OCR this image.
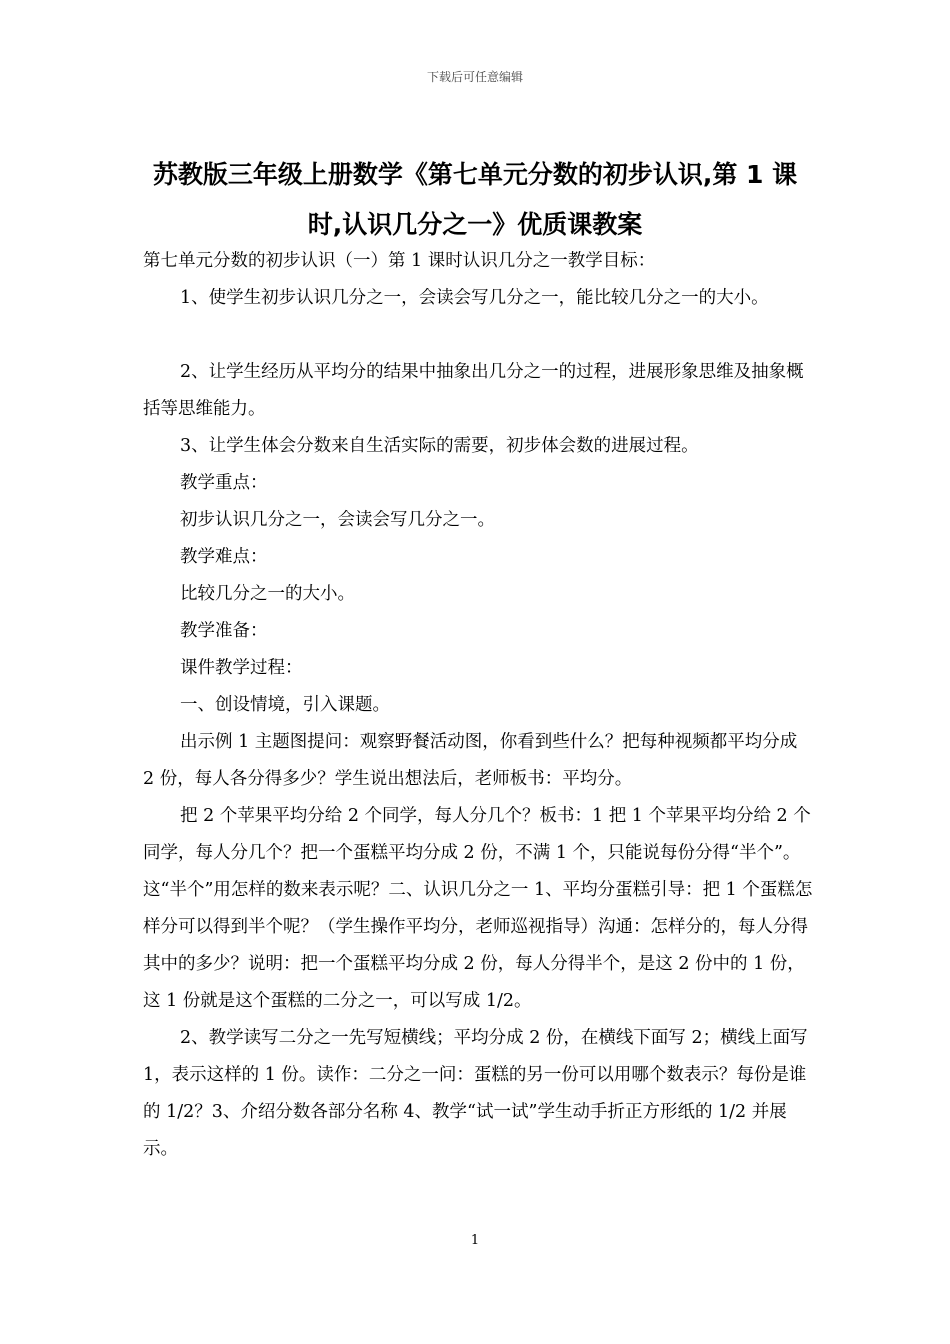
下载后可任意编辑
苏教版三年级上册数学《第七单元分数的初步认识,第 1 课时,认识几分之一》优质课教案

第七单元分数的初步认识（一）第 1 课时认识几分之一教学目标：

1、使学生初步认识几分之一，会读会写几分之一，能比较几分之一的大小。

2、让学生经历从平均分的结果中抽象出几分之一的过程，进展形象思维及抽象概括等思维能力。

3、让学生体会分数来自生活实际的需要，初步体会数的进展过程。

教学重点：

初步认识几分之一，会读会写几分之一。

教学难点：

比较几分之一的大小。

教学准备：

课件教学过程：

一、创设情境，引入课题。

出示例 1 主题图提问：观察野餐活动图，你看到些什么？把每种视频都平均分成 2 份，每人各分得多少？学生说出想法后，老师板书：平均分。

把 2 个苹果平均分给 2 个同学，每人分几个？板书：1 把 1 个苹果平均分给 2 个同学，每人分几个？把一个蛋糕平均分成 2 份，不满 1 个，只能说每份分得“半个”。这“半个”用怎样的数来表示呢？二、认识几分之一 1、平均分蛋糕引导：把 1 个蛋糕怎样分可以得到半个呢？（学生操作平均分，老师巡视指导）沟通：怎样分的，每人分得其中的多少？说明：把一个蛋糕平均分成 2 份，每人分得半个，是这 2 份中的 1 份，这 1 份就是这个蛋糕的二分之一，可以写成 1/2。

2、教学读写二分之一先写短横线；平均分成 2 份，在横线下面写 2；横线上面写 1，表示这样的 1 份。读作：二分之一问：蛋糕的另一份可以用哪个数表示？每份是谁的 1/2？3、介绍分数各部分名称 4、教学“试一试”学生动手折正方形纸的 1/2 并展示。

1
